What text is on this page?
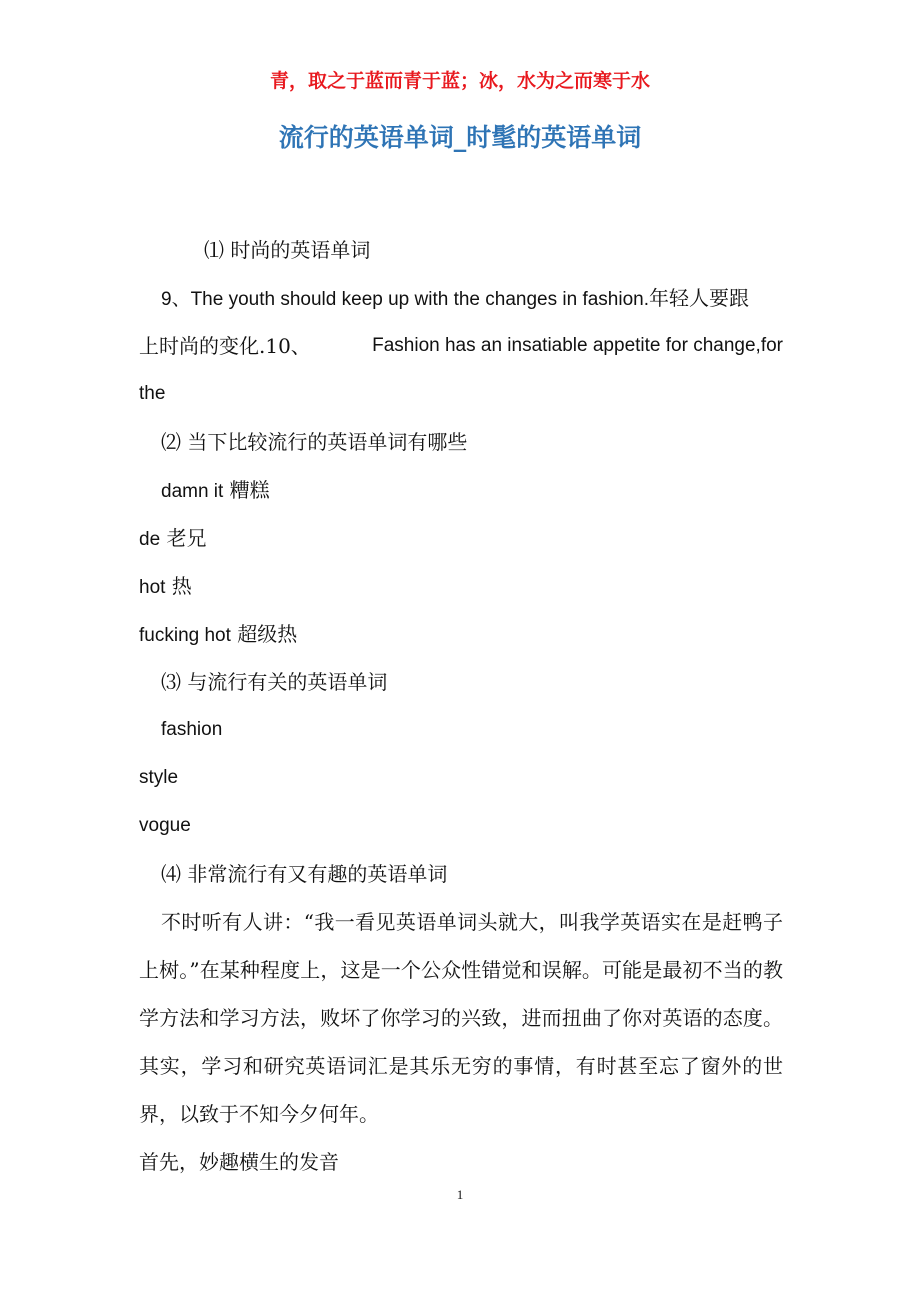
青，取之于蓝而青于蓝；冰，水为之而寒于水
流行的英语单词_时髦的英语单词
⑴ 时尚的英语单词
9、The youth should keep up with the changes in fashion.年轻人要跟
上时尚的变化.10、	Fashion has an insatiable appetite for change,for
the
⑵ 当下比较流行的英语单词有哪些
damn it 糟糕
de 老兄
hot 热
fucking hot 超级热
⑶ 与流行有关的英语单词
fashion
style
vogue
⑷ 非常流行有又有趣的英语单词
不时听有人讲：“我一看见英语单词头就大，叫我学英语实在是赶鸭子上树。”在某种程度上，这是一个公众性错觉和误解。可能是最初不当的教学方法和学习方法，败坏了你学习的兴致，进而扭曲了你对英语的态度。其实，学习和研究英语词汇是其乐无穷的事情，有时甚至忘了窗外的世界，以致于不知今夕何年。
首先，妙趣横生的发音
1
